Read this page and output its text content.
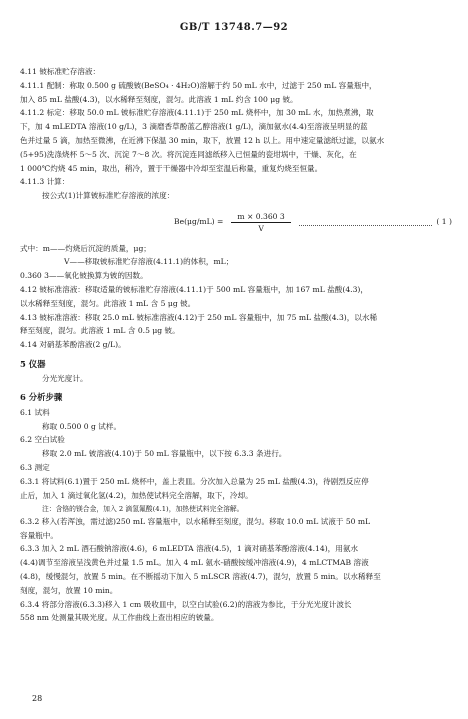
GB/T 13748.7—92
4.11 铍标准贮存溶液：
4.11.1 配制：称取 0.500 g 硫酸铍(BeSO₄ · 4H₂O)溶解于约 50 mL 水中，过滤于 250 mL 容量瓶中，
加入 85 mL 盐酸(4.3)，以水稀释至刻度，混匀。此溶液 1 mL 约含 100 μg 铍。
4.11.2 标定：移取 50.0 mL 铍标准贮存溶液(4.11.1)于 250 mL 烧杯中，加 30 mL 水，加热煮沸，取
下，加 4 mLEDTA 溶液(10 g/L)，3 滴磨香草酚蓝乙醇溶液(1 g/L)，滴加氨水(4.4)至溶液呈明显的蓝
色并过量 5 滴，加热至微沸，在近沸下保温 30 min，取下，放置 12 h 以上。用中速定量滤纸过滤，以氨水
(5+95)洗涤烧杯 5～5 次、沉淀 7～8 次。将沉淀连同滤纸移入已恒量的瓷坩埚中，干燥、灰化，在
1 000℃灼烧 45 min，取出，稍冷，置于干燥器中冷却至室温后称量，重复灼烧至恒量。
4.11.3 计算：
按公式(1)计算铍标准贮存溶液的浓度：
$Be(\mu g/mL) = \frac{m \times 0.360 3}{V}$	( 1 )
式中：m——灼烧后沉淀的质量，μg；
V——移取铍标准贮存溶液(4.11.1)的体积，mL；
0.360 3——氧化铍换算为铍的因数。
4.12 铍标准溶液：移取适量的铍标准贮存溶液(4.11.1)于 500 mL 容量瓶中，加 167 mL 盐酸(4.3)，
以水稀释至刻度，混匀。此溶液 1 mL 含 5 μg 铍。
4.13 铍标准溶液：移取 25.0 mL 铍标准溶液(4.12)于 250 mL 容量瓶中，加 75 mL 盐酸(4.3)，以水稀
释至刻度，混匀。此溶液 1 mL 含 0.5 μg 铍。
4.14 对硝基苯酚溶液(2 g/L)。
5 仪器
分光光度计。
6 分析步骤
6.1 试料
称取 0.500 0 g 试样。
6.2 空白试验
移取 2.0 mL 铍溶液(4.10)于 50 mL 容量瓶中，以下按 6.3.3 条进行。
6.3 测定
6.3.1 将试料(6.1)置于 250 mL 烧杯中，盖上表皿。分次加入总量为 25 mL 盐酸(4.3)，待剧烈反应停
止后，加入 1 滴过氧化氢(4.2)，加热使试料完全溶解，取下，冷却。
注：含铬的镁合金，加入 2 滴氢氟酸(4.1)，加热使试料完全溶解。
6.3.2 移入(若浑浊，需过滤)250 mL 容量瓶中，以水稀释至刻度，混匀。移取 10.0 mL 试液于 50 mL
容量瓶中。
6.3.3 加入 2 mL 酒石酸钠溶液(4.6)，6 mLEDTA 溶液(4.5)，1 滴对硝基苯酚溶液(4.14)，用氨水
(4.4)调节至溶液呈浅黄色并过量 1.5 mL。加入 4 mL 氨水-硝酸铵缓冲溶液(4.9)，4 mLCTMAB 溶液
(4.8)，缓慢混匀，放置 5 min。在不断摇动下加入 5 mLSCR 溶液(4.7)，混匀，放置 5 min。以水稀释至
刻度，混匀，放置 10 min。
6.3.4 将部分溶液(6.3.3)移入 1 cm 吸收皿中，以空白试验(6.2)的溶液为参比，于分光光度计波长
558 nm 处测量其吸光度。从工作曲线上查出相应的铍量。
28
